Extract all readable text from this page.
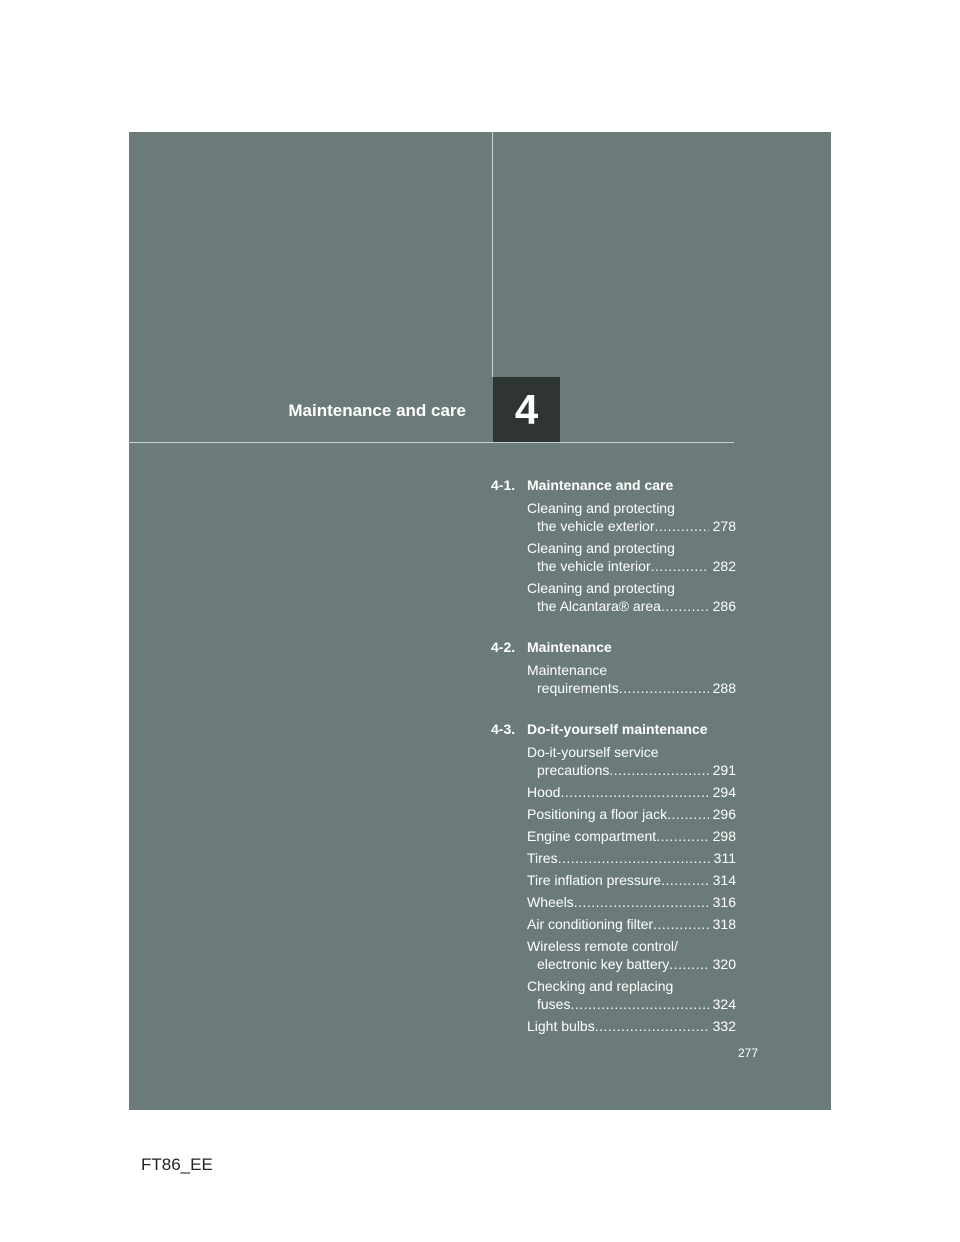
Maintenance and care	4
4-1. Maintenance and care
Cleaning and protecting
the vehicle exterior .....	278
Cleaning and protecting
the vehicle interior .....	282
Cleaning and protecting
the Alcantara® area .....	286
4-2. Maintenance
Maintenance
requirements .....	288
4-3. Do-it-yourself maintenance
Do-it-yourself service
precautions .....	291
Hood .....	294
Positioning a floor jack .....	296
Engine compartment .....	298
Tires .....	311
Tire inflation pressure .....	314
Wheels .....	316
Air conditioning filter .....	318
Wireless remote control/
electronic key battery .....	320
Checking and replacing
fuses .....	324
Light bulbs .....	332
277
FT86_EE
